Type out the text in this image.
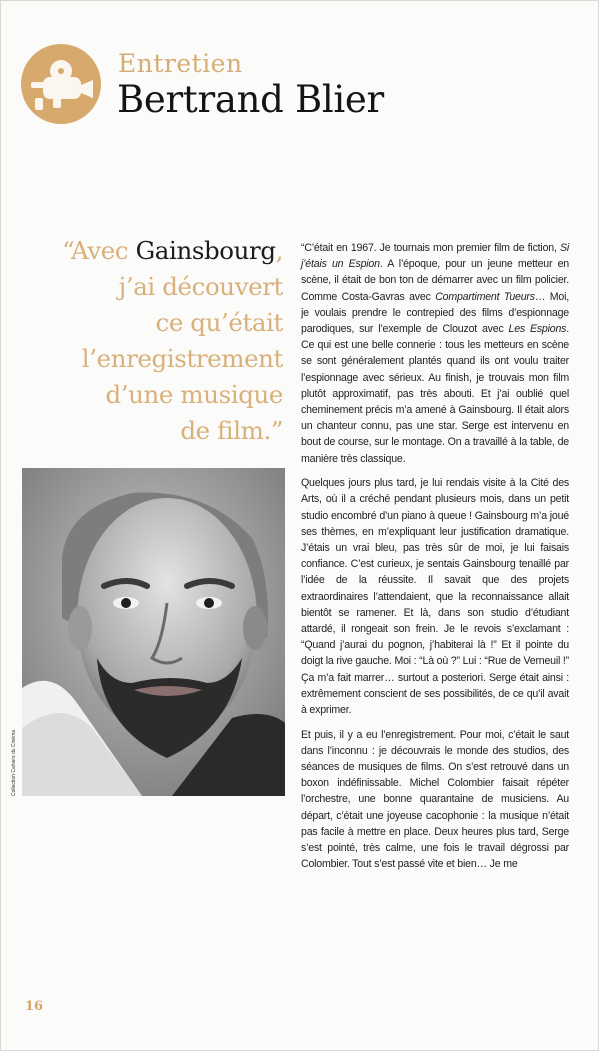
Entretien
Bertrand Blier
“Avec Gainsbourg,
j’ai découvert
ce qu’était
l’enregistrement
d’une musique
de film.”
Collection Cahiers du Cinéma

“C’était en 1967. Je tournais mon premier film de fiction, Si j’étais un Espion. A l’époque, pour un jeune metteur en scène, il était de bon ton de démarrer avec un film policier. Comme Costa-Gavras avec Compartiment Tueurs… Moi, je voulais prendre le contrepied des films d’espionnage parodiques, sur l’exemple de Clouzot avec Les Espions. Ce qui est une belle connerie : tous les metteurs en scène se sont généralement plantés quand ils ont voulu traiter l’espionnage avec sérieux. Au finish, je trouvais mon film plutôt approximatif, pas très abouti. Et j’ai oublié quel cheminement précis m’a amené à Gainsbourg. Il était alors un chanteur connu, pas une star. Serge est intervenu en bout de course, sur le montage. On a travaillé à la table, de manière très classique.

Quelques jours plus tard, je lui rendais visite à la Cité des Arts, où il a créché pendant plusieurs mois, dans un petit studio encombré d’un piano à queue ! Gainsbourg m’a joué ses thèmes, en m’expliquant leur justification dramatique. J’étais un vrai bleu, pas très sûr de moi, je lui faisais confiance. C’est curieux, je sentais Gainsbourg tenaillé par l’idée de la réussite. Il savait que des projets extraordinaires l’attendaient, que la reconnaissance allait bientôt se ramener. Et là, dans son studio d’étudiant attardé, il rongeait son frein. Je le revois s’exclamant : “Quand j’aurai du pognon, j’habiterai là !” Et il pointe du doigt la rive gauche. Moi : “Là où ?” Lui : “Rue de Verneuil !” Ça m’a fait marrer… surtout a posteriori. Serge était ainsi : extrêmement conscient de ses possibilités, de ce qu’il avait à exprimer.

Et puis, il y a eu l’enregistrement. Pour moi, c’était le saut dans l’inconnu : je découvrais le monde des studios, des séances de musiques de films. On s’est retrouvé dans un boxon indéfinissable. Michel Colombier faisait répéter l’orchestre, une bonne quarantaine de musiciens. Au départ, c’était une joyeuse cacophonie : la musique n’était pas facile à mettre en place. Deux heures plus tard, Serge s’est pointé, très calme, une fois le travail dégrossi par Colombier. Tout s’est passé vite et bien… Je me

16
